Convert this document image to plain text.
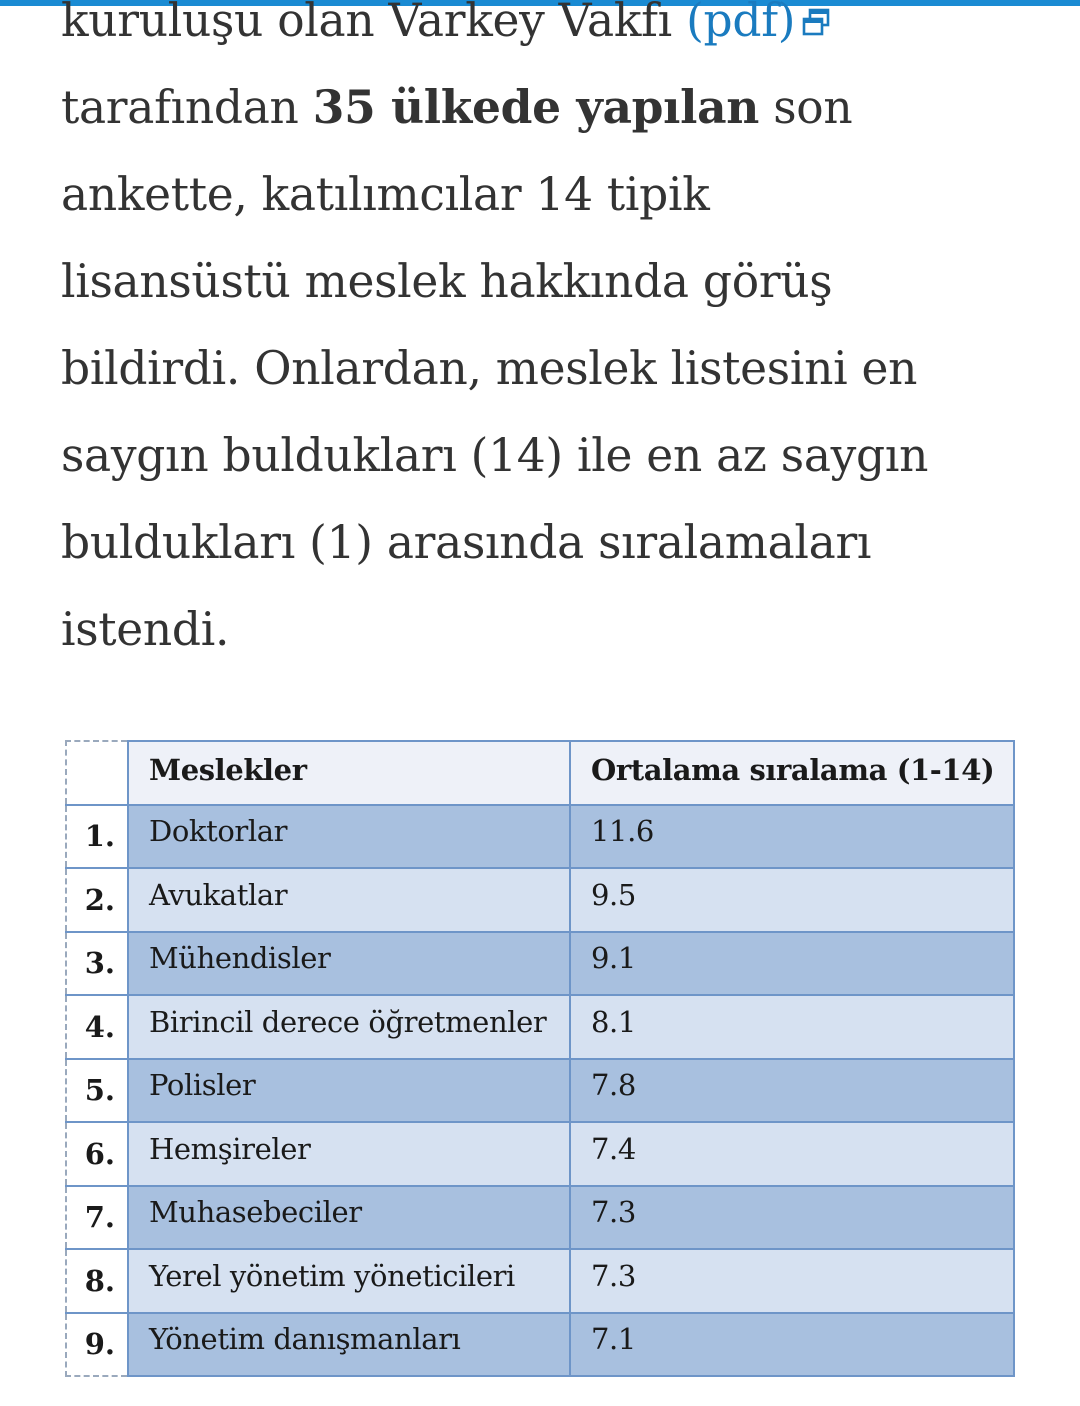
kuruluşu olan Varkey Vakfı (pdf)
tarafından 35 ülkede yapılan son
ankette, katılımcılar 14 tipik
lisansüstü meslek hakkında görüş
bildirdi. Onlardan, meslek listesini en
saygın buldukları (14) ile en az saygın
buldukları (1) arasında sıralamaları
istendi.

	Meslekler	Ortalama sıralama (1-14)
1.	Doktorlar	11.6
2.	Avukatlar	9.5
3.	Mühendisler	9.1
4.	Birincil derece öğretmenler	8.1
5.	Polisler	7.8
6.	Hemşireler	7.4
7.	Muhasebeciler	7.3
8.	Yerel yönetim yöneticileri	7.3
9.	Yönetim danışmanları	7.1
